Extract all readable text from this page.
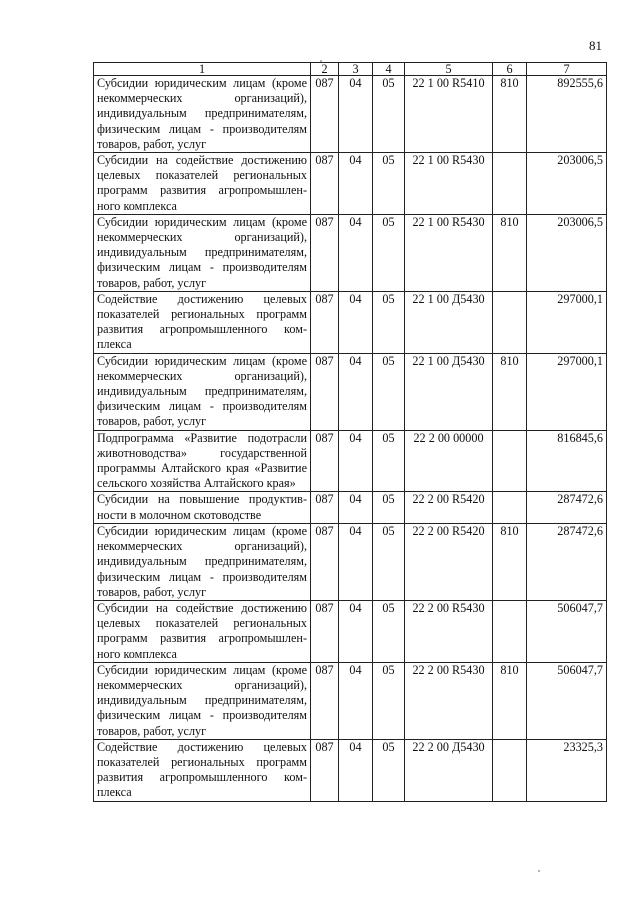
81
1	2	3	4	5	6	7
Субсидии юридическим лицам (кроме некоммерческих организаций), индивидуальным предпринимателям, физическим лицам - производителям товаров, работ, услуг	087	04	05	22 1 00 R5410	810	892555,6
Субсидии на содействие достижению целевых показателей региональных программ развития агропромышленного комплекса	087	04	05	22 1 00 R5430		203006,5
Субсидии юридическим лицам (кроме некоммерческих организаций), индивидуальным предпринимателям, физическим лицам - производителям товаров, работ, услуг	087	04	05	22 1 00 R5430	810	203006,5
Содействие достижению целевых показателей региональных программ развития агропромышленного комплекса	087	04	05	22 1 00 Д5430		297000,1
Субсидии юридическим лицам (кроме некоммерческих организаций), индивидуальным предпринимателям, физическим лицам - производителям товаров, работ, услуг	087	04	05	22 1 00 Д5430	810	297000,1
Подпрограмма «Развитие подотрасли животноводства» государственной программы Алтайского края «Развитие сельского хозяйства Алтайского края»	087	04	05	22 2 00 00000		816845,6
Субсидии на повышение продуктивности в молочном скотоводстве	087	04	05	22 2 00 R5420		287472,6
Субсидии юридическим лицам (кроме некоммерческих организаций), индивидуальным предпринимателям, физическим лицам - производителям товаров, работ, услуг	087	04	05	22 2 00 R5420	810	287472,6
Субсидии на содействие достижению целевых показателей региональных программ развития агропромышленного комплекса	087	04	05	22 2 00 R5430		506047,7
Субсидии юридическим лицам (кроме некоммерческих организаций), индивидуальным предпринимателям, физическим лицам - производителям товаров, работ, услуг	087	04	05	22 2 00 R5430	810	506047,7
Содействие достижению целевых показателей региональных программ развития агропромышленного комплекса	087	04	05	22 2 00 Д5430		23325,3
